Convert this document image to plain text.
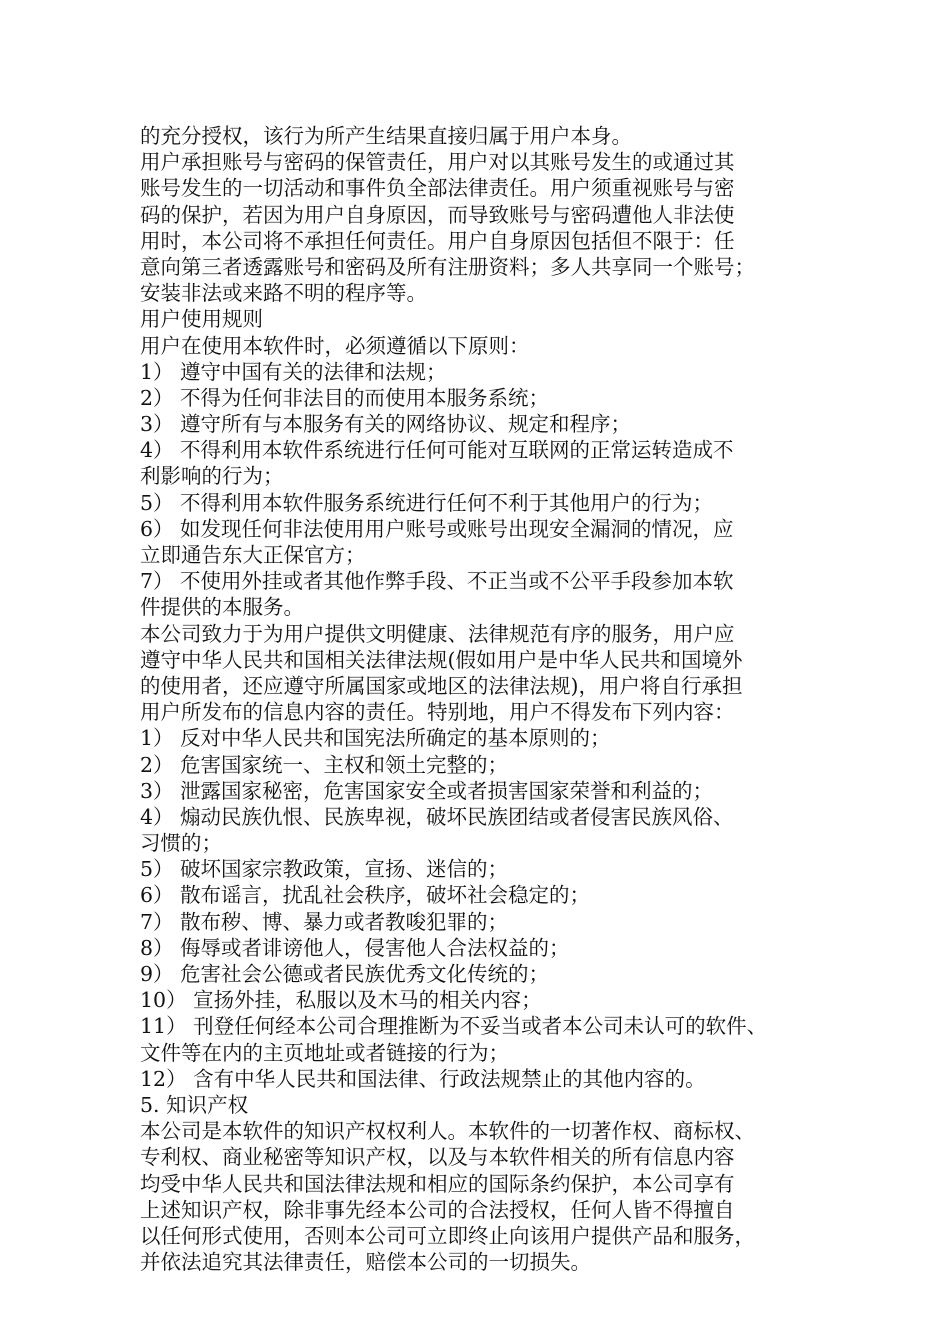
的充分授权，该行为所产生结果直接归属于用户本身。
用户承担账号与密码的保管责任，用户对以其账号发生的或通过其
账号发生的一切活动和事件负全部法律责任。用户须重视账号与密
码的保护，若因为用户自身原因，而导致账号与密码遭他人非法使
用时，本公司将不承担任何责任。用户自身原因包括但不限于：任
意向第三者透露账号和密码及所有注册资料；多人共享同一个账号；
安装非法或来路不明的程序等。
用户使用规则
用户在使用本软件时，必须遵循以下原则：
1） 遵守中国有关的法律和法规；
2） 不得为任何非法目的而使用本服务系统；
3） 遵守所有与本服务有关的网络协议、规定和程序；
4） 不得利用本软件系统进行任何可能对互联网的正常运转造成不
利影响的行为；
5） 不得利用本软件服务系统进行任何不利于其他用户的行为；
6） 如发现任何非法使用用户账号或账号出现安全漏洞的情况，应
立即通告东大正保官方；
7） 不使用外挂或者其他作弊手段、不正当或不公平手段参加本软
件提供的本服务。
本公司致力于为用户提供文明健康、法律规范有序的服务，用户应
遵守中华人民共和国相关法律法规(假如用户是中华人民共和国境外
的使用者，还应遵守所属国家或地区的法律法规)，用户将自行承担
用户所发布的信息内容的责任。特别地，用户不得发布下列内容：
1） 反对中华人民共和国宪法所确定的基本原则的；
2） 危害国家统一、主权和领土完整的；
3） 泄露国家秘密，危害国家安全或者损害国家荣誉和利益的；
4） 煽动民族仇恨、民族卑视，破坏民族团结或者侵害民族风俗、
习惯的；
5） 破坏国家宗教政策，宣扬、迷信的；
6） 散布谣言，扰乱社会秩序，破坏社会稳定的；
7） 散布秽、博、暴力或者教唆犯罪的；
8） 侮辱或者诽谤他人，侵害他人合法权益的；
9） 危害社会公德或者民族优秀文化传统的；
10） 宣扬外挂，私服以及木马的相关内容；
11） 刊登任何经本公司合理推断为不妥当或者本公司未认可的软件、
文件等在内的主页地址或者链接的行为；
12） 含有中华人民共和国法律、行政法规禁止的其他内容的。
5. 知识产权
本公司是本软件的知识产权权利人。本软件的一切著作权、商标权、
专利权、商业秘密等知识产权，以及与本软件相关的所有信息内容
均受中华人民共和国法律法规和相应的国际条约保护，本公司享有
上述知识产权，除非事先经本公司的合法授权，任何人皆不得擅自
以任何形式使用，否则本公司可立即终止向该用户提供产品和服务，
并依法追究其法律责任，赔偿本公司的一切损失。
